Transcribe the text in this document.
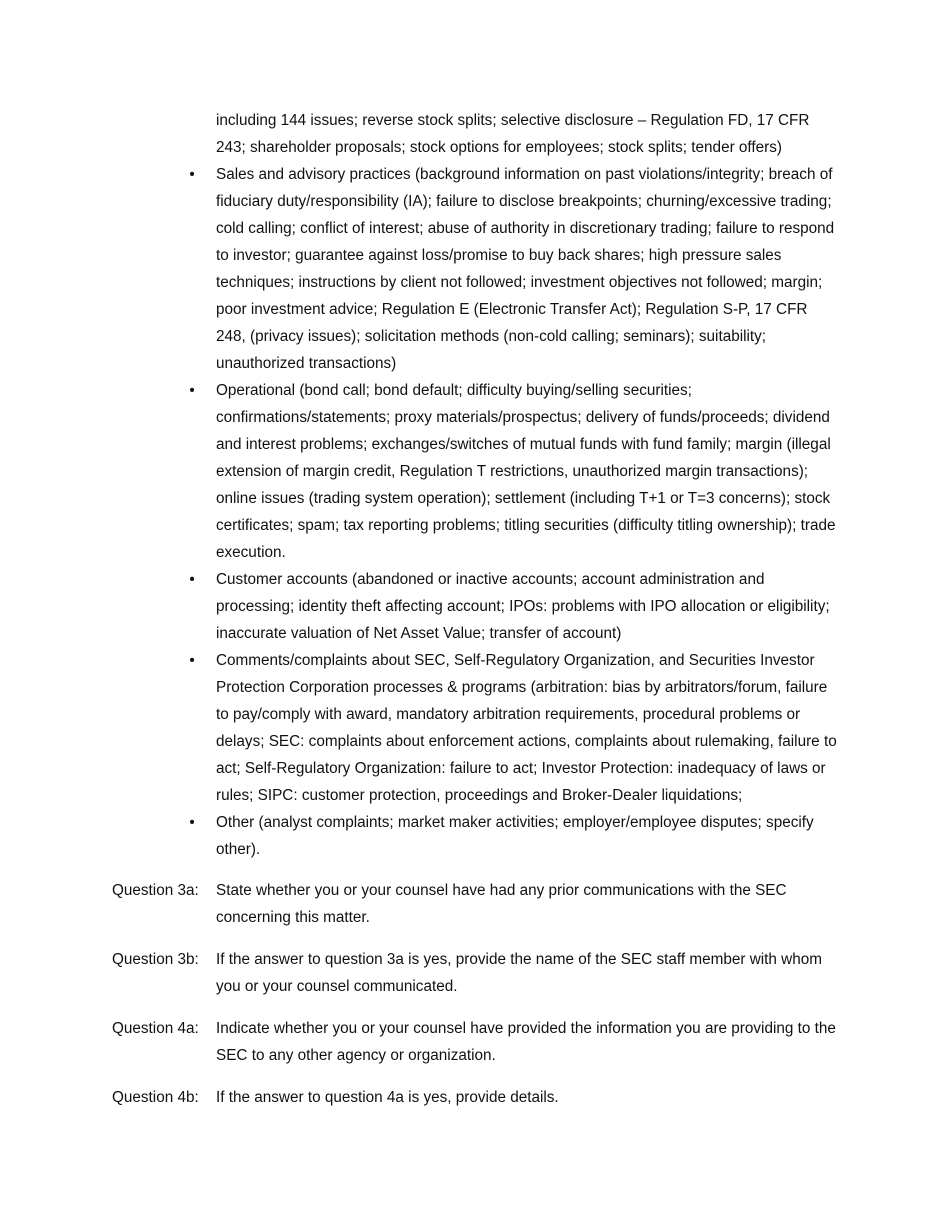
including 144 issues; reverse stock splits; selective disclosure – Regulation FD, 17 CFR 243; shareholder proposals; stock options for employees; stock splits; tender offers)

• Sales and advisory practices (background information on past violations/integrity; breach of fiduciary duty/responsibility (IA); failure to disclose breakpoints; churning/excessive trading; cold calling; conflict of interest; abuse of authority in discretionary trading; failure to respond to investor; guarantee against loss/promise to buy back shares; high pressure sales techniques; instructions by client not followed; investment objectives not followed; margin; poor investment advice; Regulation E (Electronic Transfer Act); Regulation S-P, 17 CFR 248, (privacy issues); solicitation methods (non-cold calling; seminars); suitability; unauthorized transactions)
• Operational (bond call; bond default; difficulty buying/selling securities; confirmations/statements; proxy materials/prospectus; delivery of funds/proceeds; dividend and interest problems; exchanges/switches of mutual funds with fund family; margin (illegal extension of margin credit, Regulation T restrictions, unauthorized margin transactions); online issues (trading system operation); settlement (including T+1 or T=3 concerns); stock certificates; spam; tax reporting problems; titling securities (difficulty titling ownership); trade execution.
• Customer accounts (abandoned or inactive accounts; account administration and processing; identity theft affecting account; IPOs: problems with IPO allocation or eligibility; inaccurate valuation of Net Asset Value; transfer of account)
• Comments/complaints about SEC, Self-Regulatory Organization, and Securities Investor Protection Corporation processes & programs (arbitration: bias by arbitrators/forum, failure to pay/comply with award, mandatory arbitration requirements, procedural problems or delays; SEC: complaints about enforcement actions, complaints about rulemaking, failure to act; Self-Regulatory Organization: failure to act; Investor Protection: inadequacy of laws or rules; SIPC: customer protection, proceedings and Broker-Dealer liquidations;
• Other (analyst complaints; market maker activities; employer/employee disputes; specify other).
Question 3a:	State whether you or your counsel have had any prior communications with the SEC concerning this matter.
Question 3b:	If the answer to question 3a is yes, provide the name of the SEC staff member with whom you or your counsel communicated.
Question 4a:	Indicate whether you or your counsel have provided the information you are providing to the SEC to any other agency or organization.
Question 4b:	If the answer to question 4a is yes, provide details.
